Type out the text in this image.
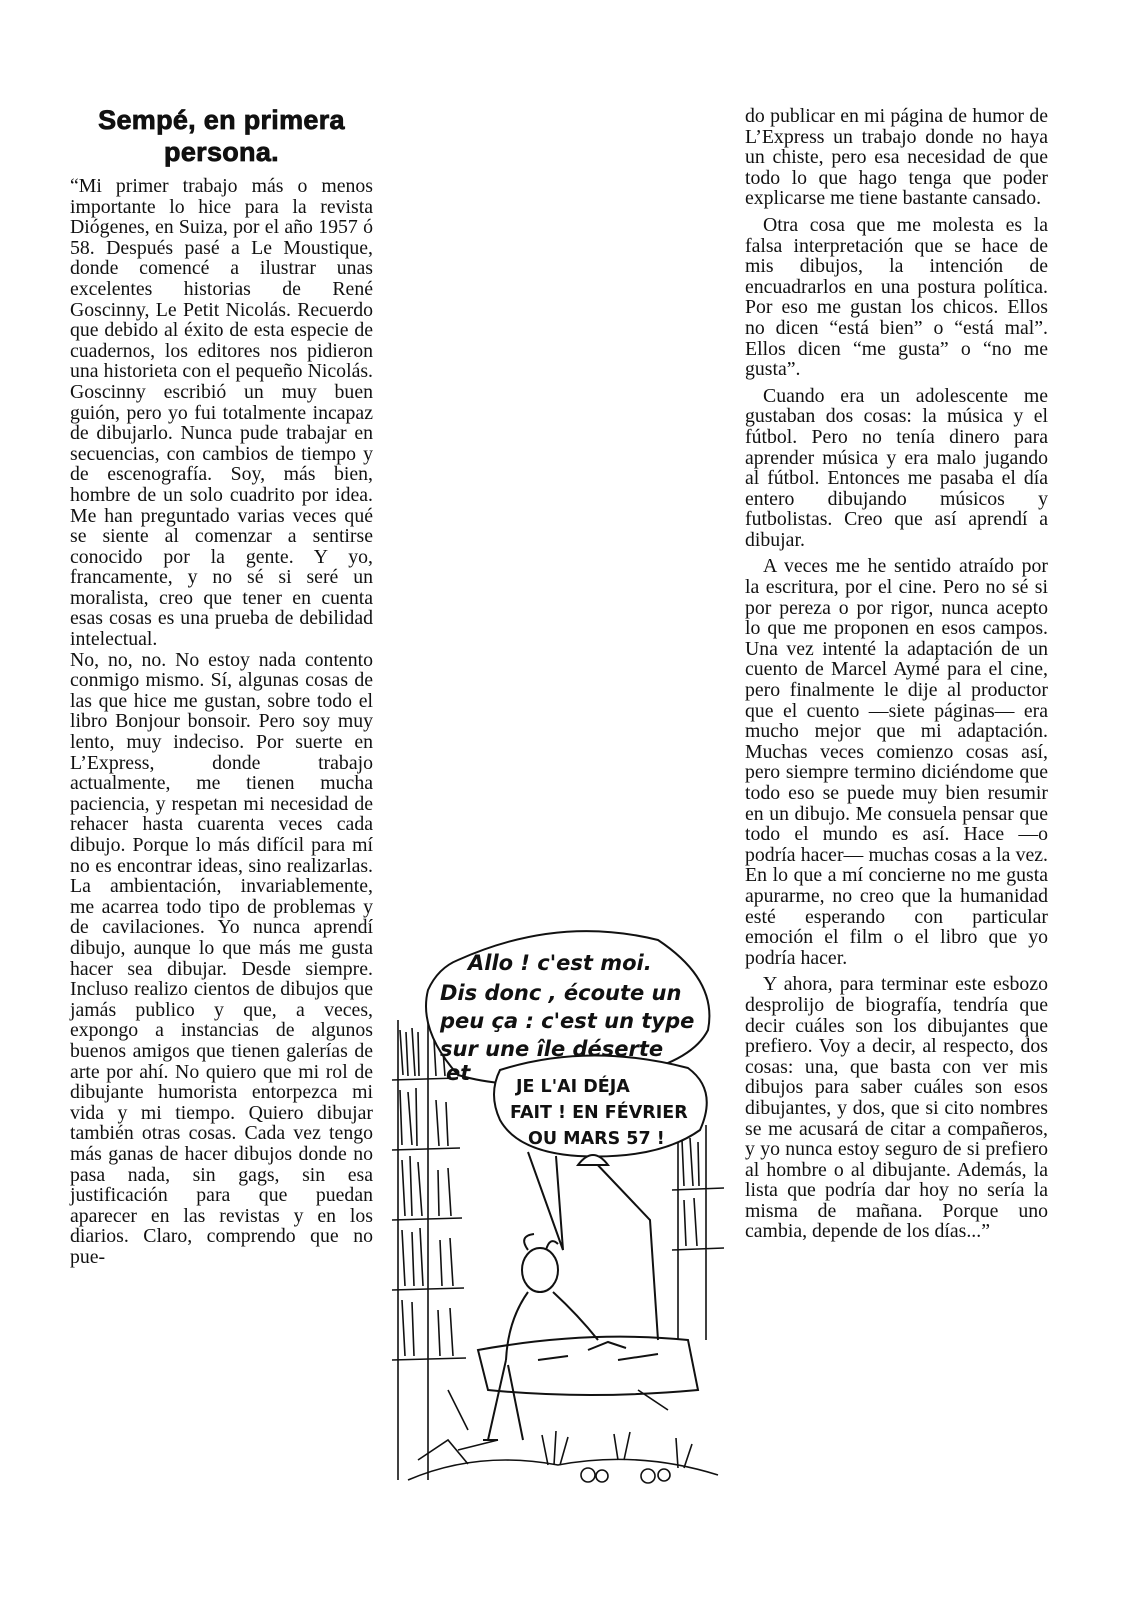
Sempé, en primera persona.

“Mi primer trabajo más o menos importante lo hice para la revista Diógenes, en Suiza, por el año 1957 ó 58. Después pasé a Le Moustique, donde comencé a ilustrar unas excelentes historias de René Goscinny, Le Petit Nicolás. Recuerdo que debido al éxito de esta especie de cuadernos, los editores nos pidieron una historieta con el pequeño Nicolás. Goscinny escribió un muy buen guión, pero yo fui totalmente incapaz de dibujarlo. Nunca pude trabajar en secuencias, con cambios de tiempo y de escenografía. Soy, más bien, hombre de un solo cuadrito por idea. Me han preguntado varias veces qué se siente al comenzar a sentirse conocido por la gente. Y yo, francamente, y no sé si seré un moralista, creo que tener en cuenta esas cosas es una prueba de debilidad intelectual.

No, no, no. No estoy nada contento conmigo mismo. Sí, algunas cosas de las que hice me gustan, sobre todo el libro Bonjour bonsoir. Pero soy muy lento, muy indeciso. Por suerte en L’Express, donde trabajo actualmente, me tienen mucha paciencia, y respetan mi necesidad de rehacer hasta cuarenta veces cada dibujo. Porque lo más difícil para mí no es encontrar ideas, sino realizarlas. La ambientación, invariablemente, me acarrea todo tipo de problemas y de cavilaciones. Yo nunca aprendí dibujo, aunque lo que más me gusta hacer sea dibujar. Desde siempre. Incluso realizo cientos de dibujos que jamás publico y que, a veces, expongo a instancias de algunos buenos amigos que tienen galerías de arte por ahí. No quiero que mi rol de dibujante humorista entorpezca mi vida y mi tiempo. Quiero dibujar también otras cosas. Cada vez tengo más ganas de hacer dibujos donde no pasa nada, sin gags, sin esa justificación para que puedan aparecer en las revistas y en los diarios. Claro, comprendo que no pue-

do publicar en mi página de humor de L’Express un trabajo donde no haya un chiste, pero esa necesidad de que todo lo que hago tenga que poder explicarse me tiene bastante cansado.

Otra cosa que me molesta es la falsa interpretación que se hace de mis dibujos, la intención de encuadrarlos en una postura política. Por eso me gustan los chicos. Ellos no dicen “está bien” o “está mal”. Ellos dicen “me gusta” o “no me gusta”.

Cuando era un adolescente me gustaban dos cosas: la música y el fútbol. Pero no tenía dinero para aprender música y era malo jugando al fútbol. Entonces me pasaba el día entero dibujando músicos y futbolistas. Creo que así aprendí a dibujar.

A veces me he sentido atraído por la escritura, por el cine. Pero no sé si por pereza o por rigor, nunca acepto lo que me proponen en esos campos. Una vez intenté la adaptación de un cuento de Marcel Aymé para el cine, pero finalmente le dije al productor que el cuento —siete páginas— era mucho mejor que mi adaptación. Muchas veces comienzo cosas así, pero siempre termino diciéndome que todo eso se puede muy bien resumir en un dibujo. Me consuela pensar que todo el mundo es así. Hace —o podría hacer— muchas cosas a la vez. En lo que a mí concierne no me gusta apurarme, no creo que la humanidad esté esperando con particular emoción el film o el libro que yo podría hacer.

Y ahora, para terminar este esbozo desprolijo de biografía, tendría que decir cuáles son los dibujantes que prefiero. Voy a decir, al respecto, dos cosas: una, que basta con ver mis dibujos para saber cuáles son esos dibujantes, y dos, que si cito nombres se me acusará de citar a compañeros, y yo nunca estoy seguro de si prefiero al hombre o al dibujante. Además, la lista que podría dar hoy no sería la misma de mañana. Porque uno cambia, depende de los días...”

Allo ! c'est moi.
Dis donc , écoute un
peu ça : c'est un type
sur une île déserte
et
JE L'AI DÉJA
FAIT ! EN FÉVRIER
OU MARS 57 !
